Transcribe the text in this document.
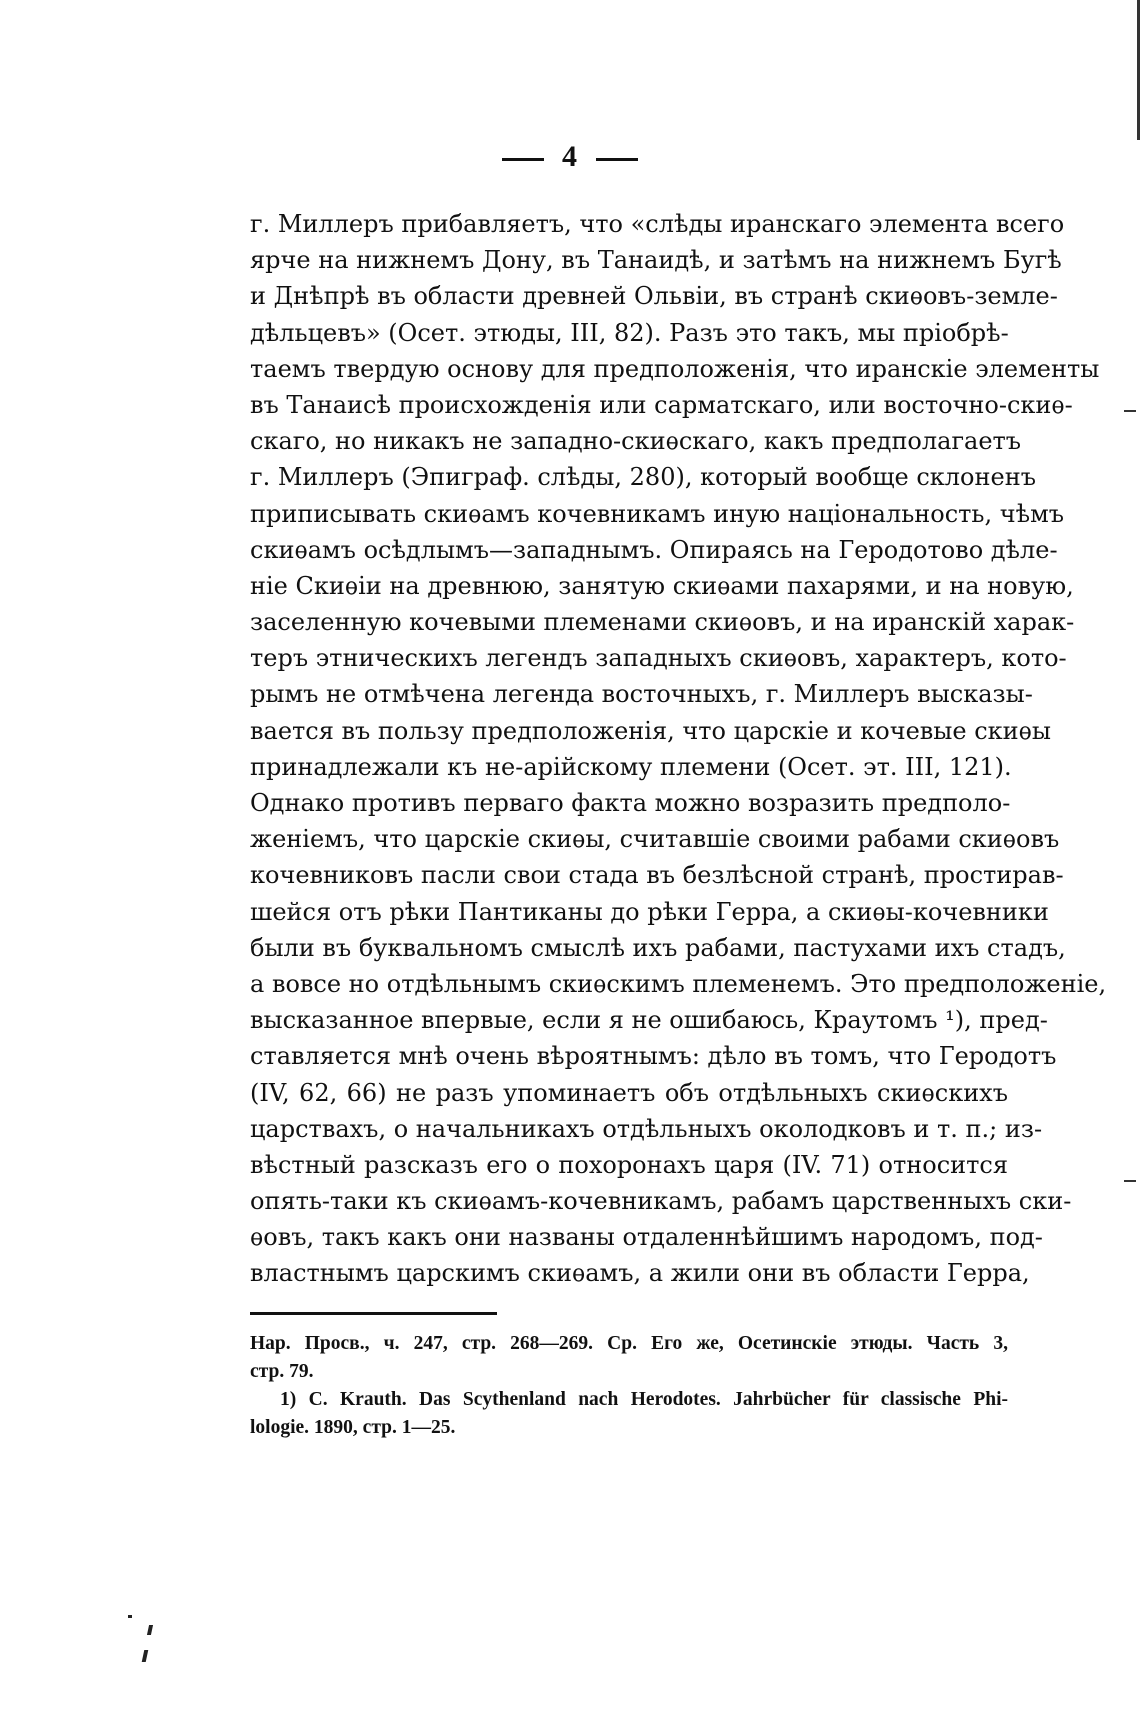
4
г. Миллеръ прибавляетъ, что «слѣды иранскаго элемента всего
ярче на нижнемъ Дону, въ Танаидѣ, и затѣмъ на нижнемъ Бугѣ
и Днѣпрѣ въ области древней Ольвiи, въ странѣ скиѳовъ-земле-
дѣльцевъ» (Осет. этюды, III, 82). Разъ это такъ, мы прiобрѣ-
таемъ твердую основу для предположенiя, что иранскiе элементы
въ Танаисѣ происхожденiя или сарматскаго, или восточно-скиѳ-
скаго, но никакъ не западно-скиѳскаго, какъ предполагаетъ
г. Миллеръ (Эпиграф. слѣды, 280), который вообще склоненъ
приписывать скиѳамъ кочевникамъ иную нацiональность, чѣмъ
скиѳамъ осѣдлымъ—западнымъ. Опираясь на Геродотово дѣле-
нiе Скиѳiи на древнюю, занятую скиѳами пахарями, и на новую,
заселенную кочевыми племенами скиѳовъ, и на иранскiй харак-
теръ этническихъ легендъ западныхъ скиѳовъ, характеръ, кото-
рымъ не отмѣчена легенда восточныхъ, г. Миллеръ высказы-
вается въ пользу предположенiя, что царскiе и кочевые скиѳы
принадлежали къ не-арiйскому племени (Осет. эт. III, 121).
Однако противъ перваго факта можно возразить предполо-
женiемъ, что царскiе скиѳы, считавшiе своими рабами скиѳовъ
кочевниковъ пасли свои стада въ безлѣсной странѣ, простирав-
шейся отъ рѣки Пантиканы до рѣки Герра, а скиѳы-кочевники
были въ буквальномъ смыслѣ ихъ рабами, пастухами ихъ стадъ,
а вовсе но отдѣльнымъ скиѳскимъ племенемъ. Это предположенiе,
высказанное впервые, если я не ошибаюсь, Краутомъ ¹), пред-
ставляется мнѣ очень вѣроятнымъ: дѣло въ томъ, что Геродотъ
(IV, 62, 66) не разъ упоминаетъ объ отдѣльныхъ скиѳскихъ
царствахъ, о начальникахъ отдѣльныхъ околодковъ и т. п.; из-
вѣстный разсказъ его о похоронахъ царя (IV. 71) относится
опять-таки къ скиѳамъ-кочевникамъ, рабамъ царственныхъ ски-
ѳовъ, такъ какъ они названы отдаленнѣйшимъ народомъ, под-
властнымъ царскимъ скиѳамъ, а жили они въ области Герра,
Нар. Просв., ч. 247, стр. 268—269. Ср. Его же, Осетинскiе этюды. Часть 3,
стр. 79.
1) C. Krauth. Das Scythenland nach Herodotes. Jahrbücher für classische Phi-
lologie. 1890, стр. 1—25.
